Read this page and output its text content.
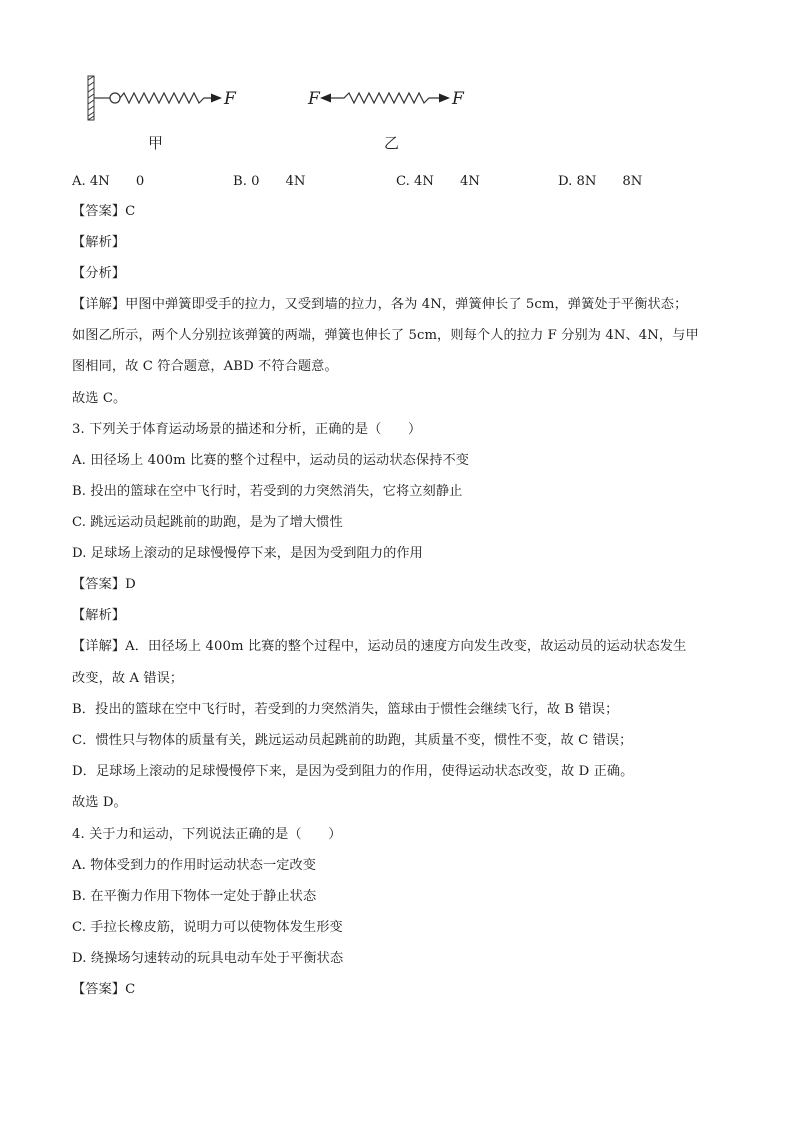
F	F	F
甲	乙
A. 4N 0	B. 0 4N	C. 4N 4N	D. 8N 8N
【答案】C
【解析】
【分析】
【详解】甲图中弹簧即受手的拉力，又受到墙的拉力，各为 4N，弹簧伸长了 5cm，弹簧处于平衡状态；
如图乙所示，两个人分别拉该弹簧的两端，弹簧也伸长了 5cm，则每个人的拉力 F 分别为 4N、4N，与甲
图相同，故 C 符合题意，ABD 不符合题意。
故选 C。
3. 下列关于体育运动场景的描述和分析，正确的是（　　）
A. 田径场上 400m 比赛的整个过程中，运动员的运动状态保持不变
B. 投出的篮球在空中飞行时，若受到的力突然消失，它将立刻静止
C. 跳远运动员起跳前的助跑，是为了增大惯性
D. 足球场上滚动的足球慢慢停下来，是因为受到阻力的作用
【答案】D
【解析】
【详解】A．田径场上 400m 比赛的整个过程中，运动员的速度方向发生改变，故运动员的运动状态发生
改变，故 A 错误；
B．投出的篮球在空中飞行时，若受到的力突然消失，篮球由于惯性会继续飞行，故 B 错误；
C．惯性只与物体的质量有关，跳远运动员起跳前的助跑，其质量不变，惯性不变，故 C 错误；
D．足球场上滚动的足球慢慢停下来，是因为受到阻力的作用，使得运动状态改变，故 D 正确。
故选 D。
4. 关于力和运动，下列说法正确的是（　　）
A. 物体受到力的作用时运动状态一定改变
B. 在平衡力作用下物体一定处于静止状态
C. 手拉长橡皮筋，说明力可以使物体发生形变
D. 绕操场匀速转动的玩具电动车处于平衡状态
【答案】C
